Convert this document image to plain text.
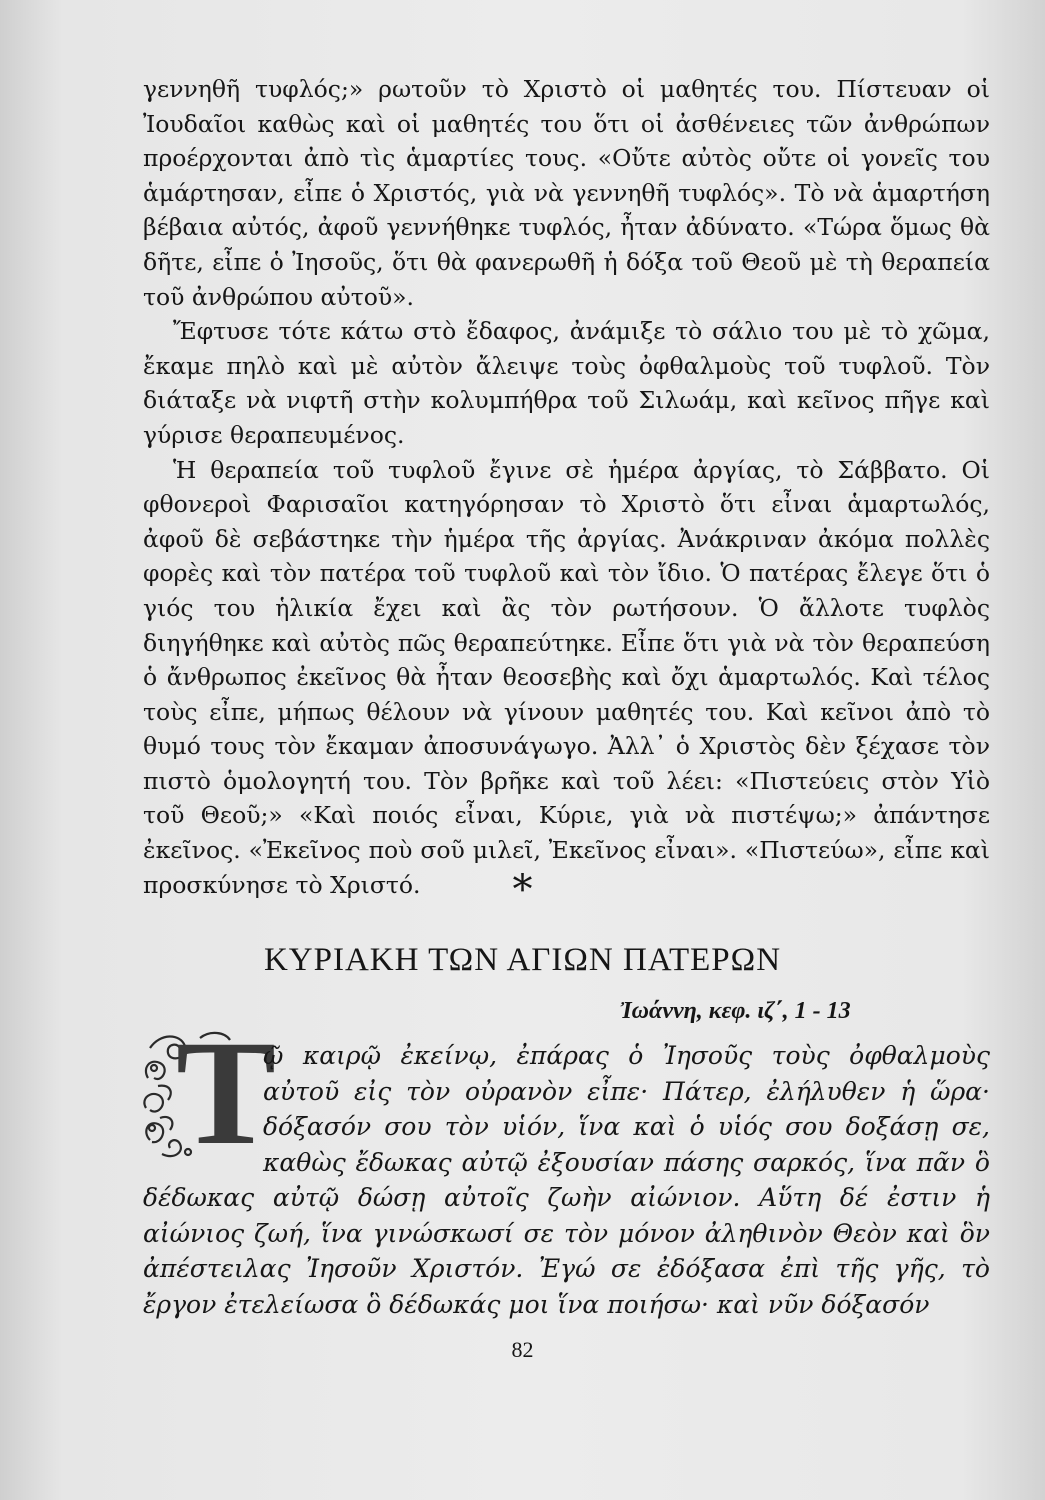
γεννηθῆ τυφλός;» ρωτοῦν τὸ Χριστὸ οἱ μαθητές του. Πίστευαν οἱ Ἰουδαῖοι καθὼς καὶ οἱ μαθητές του ὅτι οἱ ἀσθένειες τῶν ἀνθρώπων προέρχονται ἀπὸ τὶς ἁμαρτίες τους. «Οὔτε αὐτὸς οὔτε οἱ γονεῖς του ἁμάρτησαν, εἶπε ὁ Χριστός, γιὰ νὰ γεννηθῆ τυφλός». Τὸ νὰ ἁμαρτήση βέβαια αὐτός, ἀφοῦ γεννήθηκε τυφλός, ἦταν ἀδύνατο. «Τώρα ὅμως θὰ δῆτε, εἶπε ὁ Ἰησοῦς, ὅτι θὰ φανερωθῆ ἡ δόξα τοῦ Θεοῦ μὲ τὴ θεραπεία τοῦ ἀνθρώπου αὐτοῦ».

Ἔφτυσε τότε κάτω στὸ ἔδαφος, ἀνάμιξε τὸ σάλιο του μὲ τὸ χῶμα, ἔκαμε πηλὸ καὶ μὲ αὐτὸν ἄλειψε τοὺς ὀφθαλμοὺς τοῦ τυφλοῦ. Τὸν διάταξε νὰ νιφτῆ στὴν κολυμπήθρα τοῦ Σιλωάμ, καὶ κεῖνος πῆγε καὶ γύρισε θεραπευμένος.

Ἡ θεραπεία τοῦ τυφλοῦ ἔγινε σὲ ἡμέρα ἀργίας, τὸ Σάββατο. Οἱ φθονεροὶ Φαρισαῖοι κατηγόρησαν τὸ Χριστὸ ὅτι εἶναι ἁμαρτωλός, ἀφοῦ δὲ σεβάστηκε τὴν ἡμέρα τῆς ἀργίας. Ἀνάκριναν ἀκόμα πολλὲς φορὲς καὶ τὸν πατέρα τοῦ τυφλοῦ καὶ τὸν ἴδιο. Ὁ πατέρας ἔλεγε ὅτι ὁ γιός του ἡλικία ἔχει καὶ ἂς τὸν ρωτήσουν. Ὁ ἄλλοτε τυφλὸς διηγήθηκε καὶ αὐτὸς πῶς θεραπεύτηκε. Εἶπε ὅτι γιὰ νὰ τὸν θεραπεύση ὁ ἄνθρωπος ἐκεῖνος θὰ ἦταν θεοσεβὴς καὶ ὄχι ἁμαρτωλός. Καὶ τέλος τοὺς εἶπε, μήπως θέλουν νὰ γίνουν μαθητές του. Καὶ κεῖνοι ἀπὸ τὸ θυμό τους τὸν ἔκαμαν ἀποσυνάγωγο. Ἀλλ᾽ ὁ Χριστὸς δὲν ξέχασε τὸν πιστὸ ὁμολογητή του. Τὸν βρῆκε καὶ τοῦ λέει: «Πιστεύεις στὸν Υἱὸ τοῦ Θεοῦ;» «Καὶ ποιός εἶναι, Κύριε, γιὰ νὰ πιστέψω;» ἀπάντησε ἐκεῖνος. «Ἐκεῖνος ποὺ σοῦ μιλεῖ, Ἐκεῖνος εἶναι». «Πιστεύω», εἶπε καὶ προσκύνησε τὸ Χριστό.	*
ΚΥΡΙΑΚΗ ΤΩΝ ΑΓΙΩΝ ΠΑΤΕΡΩΝ
Ἰωάννη, κεφ. ιζ΄, 1 - 13
Τ
ῷ καιρῷ ἐκείνῳ, ἐπάρας ὁ Ἰησοῦς τοὺς ὀφθαλμοὺς αὐτοῦ εἰς τὸν οὐρανὸν εἶπε· Πάτερ, ἐλήλυθεν ἡ ὥρα· δόξασόν σου τὸν υἱόν, ἵνα καὶ ὁ υἱός σου δοξάσῃ σε, καθὼς ἔδωκας αὐτῷ ἐξουσίαν πάσης σαρκός, ἵνα πᾶν ὃ δέδωκας αὐτῷ δώσῃ αὐτοῖς ζωὴν αἰώνιον. Αὕτη δέ ἐστιν ἡ αἰώνιος ζωή, ἵνα γινώσκωσί σε τὸν μόνον ἀληθινὸν Θεὸν καὶ ὃν ἀπέστειλας Ἰησοῦν Χριστόν. Ἐγώ σε ἐδόξασα ἐπὶ τῆς γῆς, τὸ ἔργον ἐτελείωσα ὃ δέδωκάς μοι ἵνα ποιήσω· καὶ νῦν δόξασόν
82
